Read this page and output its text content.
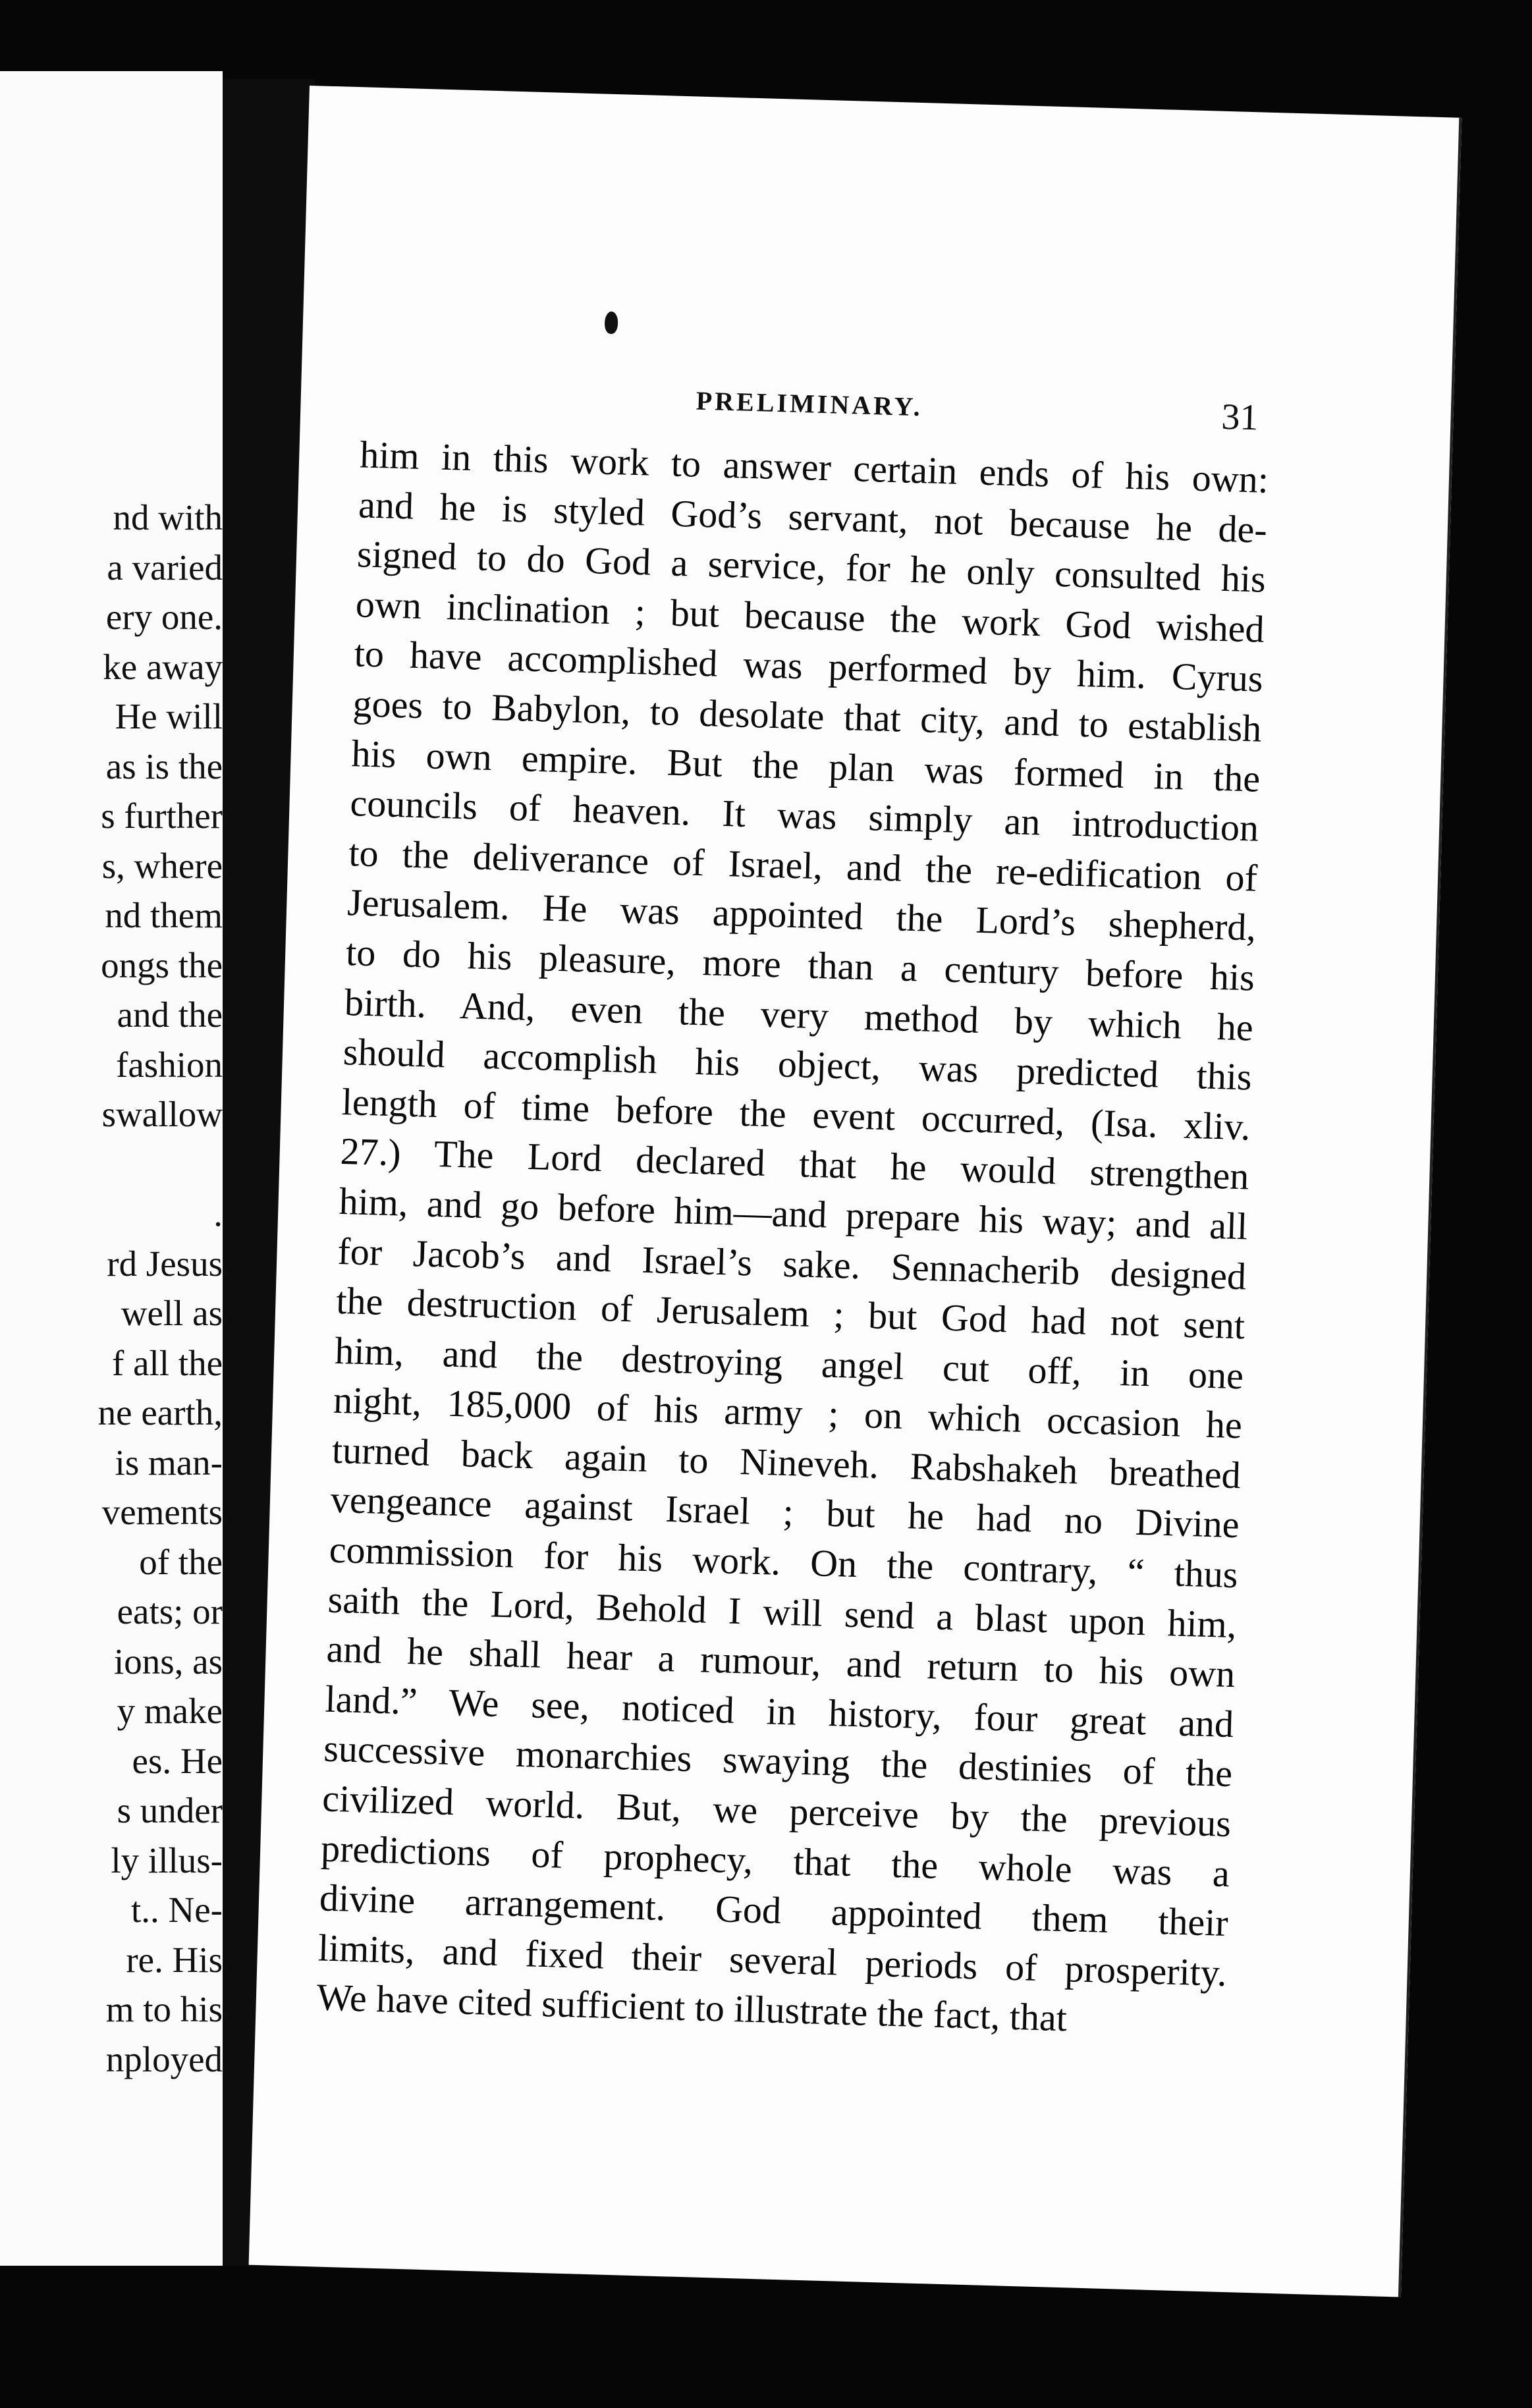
nd with
a varied
ery one.
ke away
He will
as is the
s further
s, where
nd them
ongs the
and the
fashion
swallow
.
rd Jesus
well as
f all the
ne earth,
is man-
vements
of the
eats; or
ions, as
y make
es. He
s under
ly illus-
t.. Ne-
re. His
m to his
nployed
PRELIMINARY.	31
him in this work to answer certain ends of his own:
and he is styled God’s servant, not because he de-
signed to do God a service, for he only consulted his
own inclination ; but because the work God wished
to have accomplished was performed by him. Cyrus
goes to Babylon, to desolate that city, and to establish
his own empire. But the plan was formed in the
councils of heaven. It was simply an introduction
to the deliverance of Israel, and the re-edification of
Jerusalem. He was appointed the Lord’s shepherd,
to do his pleasure, more than a century before his
birth. And, even the very method by which he
should accomplish his object, was predicted this
length of time before the event occurred, (Isa. xliv.
27.) The Lord declared that he would strengthen
him, and go before him—and prepare his way; and all
for Jacob’s and Israel’s sake. Sennacherib designed
the destruction of Jerusalem ; but God had not sent
him, and the destroying angel cut off, in one
night, 185,000 of his army ; on which occasion he
turned back again to Nineveh. Rabshakeh breathed
vengeance against Israel ; but he had no Divine
commission for his work. On the contrary, “ thus
saith the Lord, Behold I will send a blast upon him,
and he shall hear a rumour, and return to his own
land.” We see, noticed in history, four great and
successive monarchies swaying the destinies of the
civilized world. But, we perceive by the previous
predictions of prophecy, that the whole was a
divine arrangement. God appointed them their
limits, and fixed their several periods of prosperity.
We have cited sufficient to illustrate the fact, that
